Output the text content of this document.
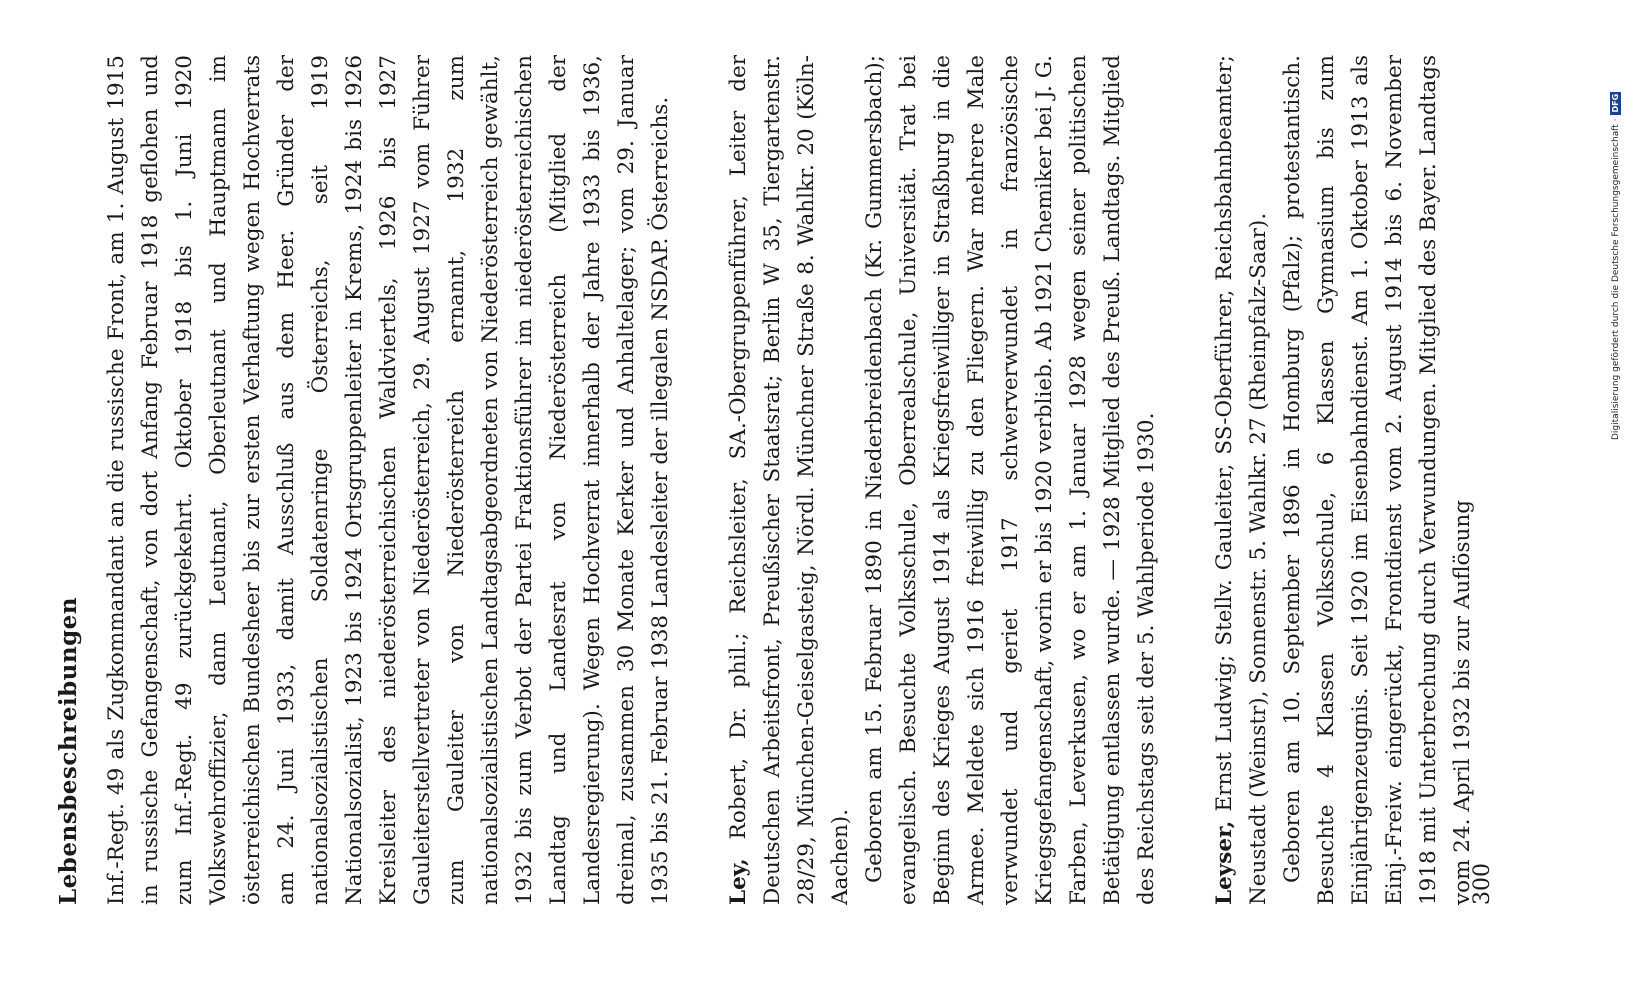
Lebensbeschreibungen Inf.-Regt. 49 als Zugkommandant an die russische Front, am 1. August 1915 in russische Gefangenschaft, von dort Anfang Februar 1918 geflohen und zum Inf.-Regt. 49 zurückgekehrt. Oktober 1918 bis 1. Juni 1920 Volkswehroffizier, dann Leutnant, Oberleutnant und Hauptmann im österreichischen Bundesheer bis zur ersten Verhaftung wegen Hochverrats am 24. Juni 1933, damit Ausschluß aus dem Heer. Gründer der nationalsozialistischen Soldatenringe Österreichs, seit 1919 Nationalsozialist, 1923 bis 1924 Ortsgruppenleiter in Krems, 1924 bis 1926 Kreisleiter des niederösterreichischen Waldviertels, 1926 bis 1927 Gauleiterstellvertreter von Niederösterreich, 29. August 1927 vom Führer zum Gauleiter von Niederösterreich ernannt, 1932 zum nationalsozialistischen Landtagsabgeordneten von Niederösterreich gewählt, 1932 bis zum Verbot der Partei Fraktionsführer im niederösterreichischen Landtag und Landesrat von Niederösterreich (Mitglied der Landesregierung). Wegen Hochverrat innerhalb der Jahre 1933 bis 1936, dreimal, zusammen 30 Monate Kerker und Anhaltelager; vom 29. Januar 1935 bis 21. Februar 1938 Landesleiter der illegalen NSDAP. Österreichs. Ley, Robert, Dr. phil.; Reichsleiter, SA.-Obergruppenführer, Leiter der Deutschen Arbeitsfront, Preußischer Staatsrat; Berlin W 35, Tiergartenstr. 28/29, München-Geiselgasteig, Nördl. Münchner Straße 8. Wahlkr. 20 (Köln-Aachen). Geboren am 15. Februar 1890 in Niederbreidenbach (Kr. Gummersbach); evangelisch. Besuchte Volksschule, Oberrealschule, Universität. Trat bei Beginn des Krieges August 1914 als Kriegsfreiwilliger in Straßburg in die Armee. Meldete sich 1916 freiwillig zu den Fliegern. War mehrere Male verwundet und geriet 1917 schwerverwundet in französische Kriegsgefangenschaft, worin er bis 1920 verblieb. Ab 1921 Chemiker bei J. G. Farben, Leverkusen, wo er am 1. Januar 1928 wegen seiner politischen Betätigung entlassen wurde. — 1928 Mitglied des Preuß. Landtags. Mitglied des Reichstags seit der 5. Wahlperiode 1930. Leyser, Ernst Ludwig; Stellv. Gauleiter, SS-Oberführer, Reichsbahnbeamter; Neustadt (Weinstr), Sonnenstr. 5. Wahlkr. 27 (Rheinpfalz-Saar). Geboren am 10. September 1896 in Homburg (Pfalz); protestantisch. Besuchte 4 Klassen Volksschule, 6 Klassen Gymnasium bis zum Einjährigenzeugnis. Seit 1920 im Eisenbahndienst. Am 1. Oktober 1913 als Einj.-Freiw. eingerückt, Frontdienst vom 2. August 1914 bis 6. November 1918 mit Unterbrechung durch Verwundungen. Mitglied des Bayer. Landtags vom 24. April 1932 bis zur Auflösung

300
Digitalisierung gefördert durch die Deutsche Forschungsgemeinschaft ·DFG
